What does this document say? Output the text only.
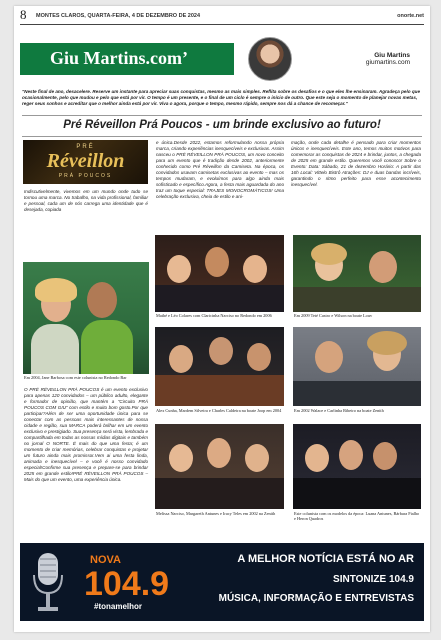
8 MONTES CLAROS, QUARTA-FEIRA, 4 DE DEZEMBRO DE 2024	onorte.net
Giu Martins.com’	Giu Martins
giumartins.com
"Neste final de ano, desacelere. Reserve um instante para apreciar suas conquistas, mesmo as mais simples. Reflita sobre os desafios e o que eles lhe ensinaram. Agradeça pelo que ocasionalmente, pelo que mudou e pelo que está por vir. O tempo é um presente, e o final de um ciclo é sempre o início de outro. Que este seja o momento de planejar novas metas, reger seus sonhos e acreditar que o melhor ainda está por vir. Viva o agora, porque o tempo, mesmo rápido, sempre nos dá a chance de recomeçar."
Pré Réveillon Prá Poucos - um brinde exclusivo ao futuro!
PRÉ
Réveillon
PRÁ POUCOS
Indiscutivelmente, vivemos em um mundo onde tudo se tornou uma marca. No trabalho, na vida profissional, familiar e pessoal, cada um de nós carrega uma identidade que é desejada, copiada
e única.Desde 2022, estamos reformulando nossa própria marca, criando experiências inesquecíveis e exclusivas. Assim nasceu o PRÉ RÉVEILLON PRÁ POUCOS, um novo conceito para um evento que é tradição desde 2002, anteriormente conhecido como Pré Réveillon da Camiseta. Na época, os convidados usavam camisetas exclusivas ao evento – mas os tempos mudaram, e evoluímos para algo ainda mais sofisticado e específico.Agora, a festa mais aguardada do ano traz um toque especial: TRAJES MONOCROMÁTICOS! Uma celebração exclusiva, cheia de estilo e ani-
mação, onde cada detalhe é pensado para criar momentos únicos e inesquecíveis. Este ano, temos muitos motivos para comemorar as conquistas de 2024 e brindar, juntos, a chegada de 2025 em grande estilo. Queremos você conosco! Sobre o Evento: Data: Sábado, 21 de dezembro Horário: A partir das 16h Local: Vittelo Bistrô Atrações: DJ e duas bandas incríveis, garantindo o ritmo perfeito para esse acontecimento inesquecível.
Em 2004, Jane Barbosa com este colunista no Redondo Bar
Mathé e Léo Colares com Claricinha Narciso no Redondo em 2006	Em 2009 Teté Castro e Wilson na boate Louv
Alex Cunha, Mardem Silveira e Charles Caldeira na boate Joop em 2004	Em 2002 Walace e Carlinha Ribeiro na boate Zenith
Melissa Narciso, Margareth Antunes e Iracy Teles em 2002 na Zenith	Este colunista com os modelos da época: Luana Antunes, Bárbara Fialho e Heron Quadros
O PRÉ RÉVEILLON PRÁ POUCOS é um evento exclusivo para apenas 120 convidados – um público adulto, elegante e formador de opinião, que mantém a "Circuito PRÁ POUCOS COM GIU" com estilo e muito bom gosto.Por que participar?Além de ser uma oportunidade única para se conectar com as pessoas mais interessantes de nossa cidade e região, sua MARCA poderá brilhar em um evento exclusivo e prestigiado. Sua presença será vista, lembrada e compartilhada em todas as nossas mídias digitais e também no jornal O NORTE. É mais do que uma festa; é um momento de criar memórias, celebrar conquistas e projetar um futuro ainda mais promissor.Vem ai uma festa linda, animada e inesquecível – e você é nosso convidado especial!Confirme sua presença e prepare-se para brindar 2025 em grande estilo!PRÉ RÉVEILLON PRÁ POUCOS – Mais do que um evento, uma experiência única.
NOVA
104.9
#tonamelhor
A MELHOR NOTÍCIA ESTÁ NO AR
SINTONIZE 104.9
MÚSICA, INFORMAÇÃO E ENTREVISTAS
